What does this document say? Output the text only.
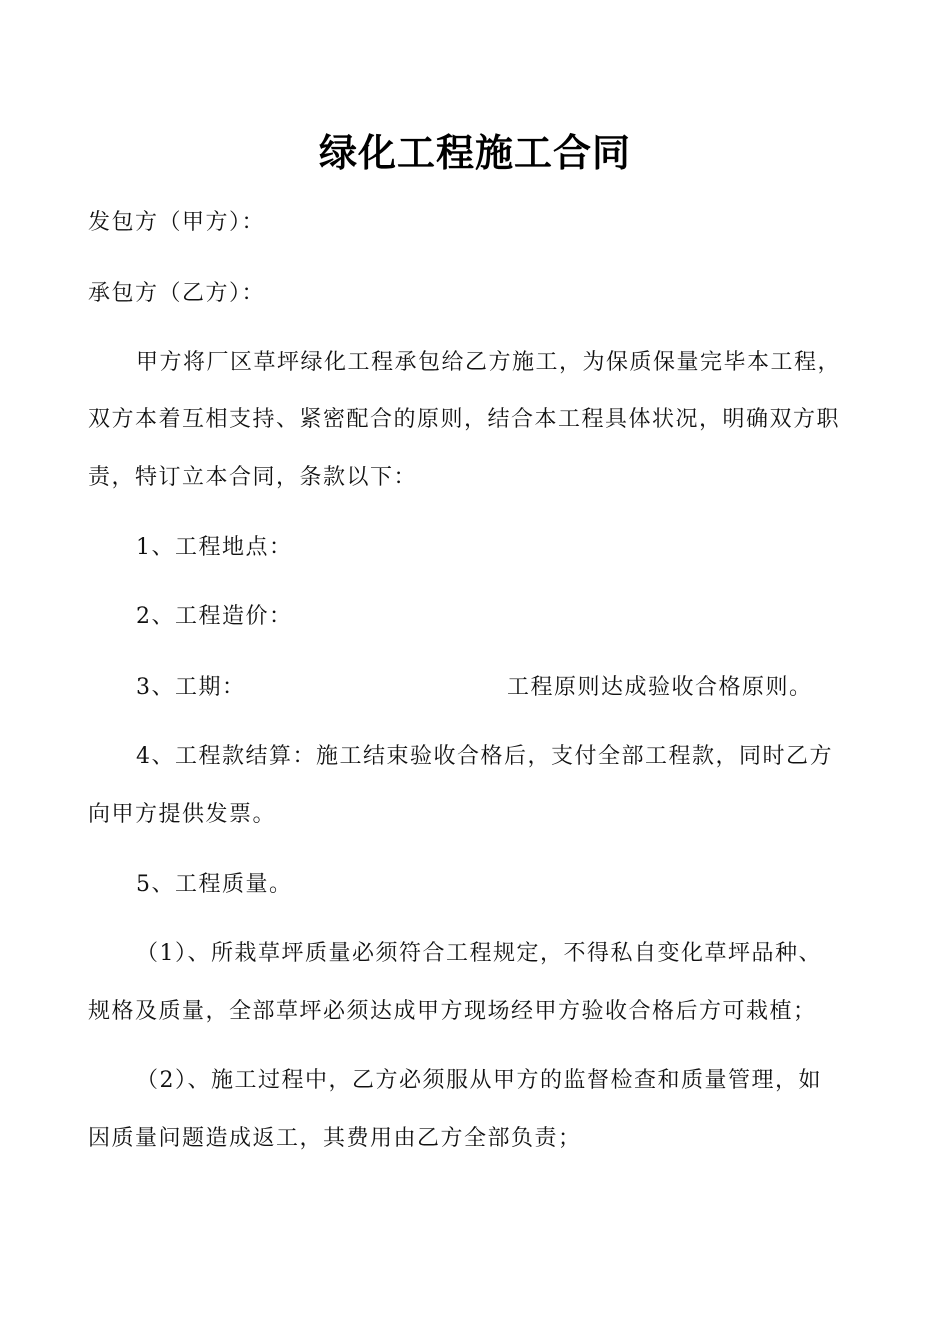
绿化工程施工合同
发包方（甲方）：
承包方（乙方）：
甲方将厂区草坪绿化工程承包给乙方施工，为保质保量完毕本工程，
双方本着互相支持、紧密配合的原则，结合本工程具体状况，明确双方职
责，特订立本合同，条款以下：
1、工程地点：
2、工程造价：
3、工期：	工程原则达成验收合格原则。
4、工程款结算：施工结束验收合格后，支付全部工程款，同时乙方
向甲方提供发票。
5、工程质量。
（1）、所栽草坪质量必须符合工程规定，不得私自变化草坪品种、
规格及质量，全部草坪必须达成甲方现场经甲方验收合格后方可栽植；
（2）、施工过程中，乙方必须服从甲方的监督检查和质量管理，如
因质量问题造成返工，其费用由乙方全部负责；
